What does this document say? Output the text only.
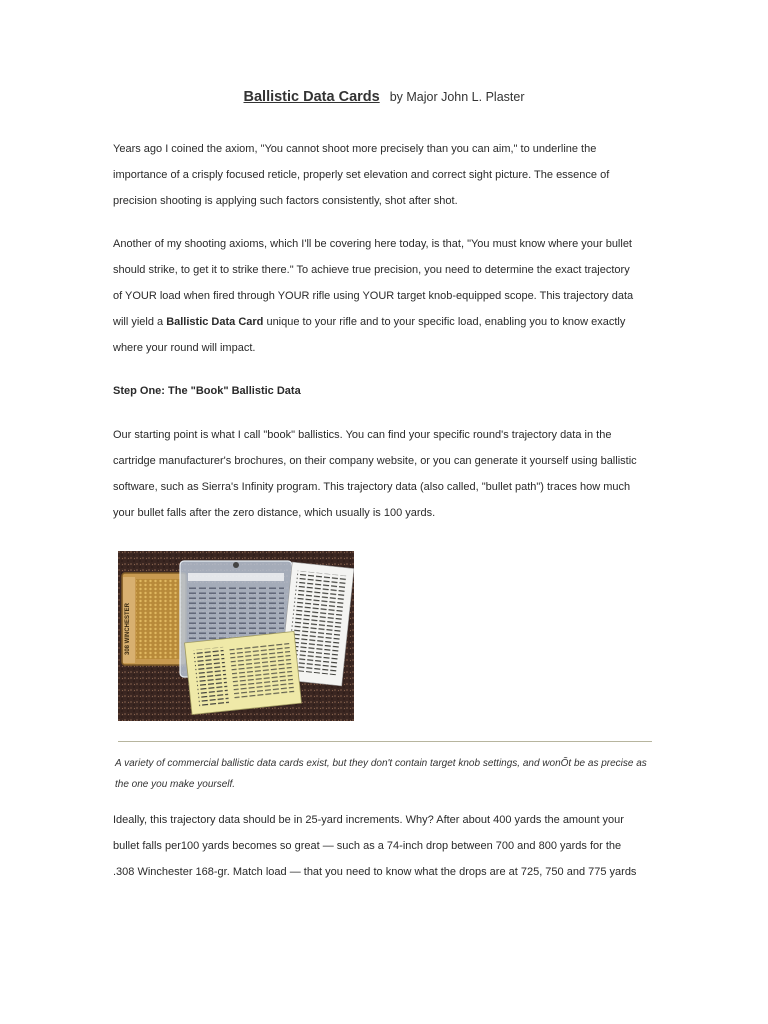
Ballistic Data Cards by Major John L. Plaster

Years ago I coined the axiom, "You cannot shoot more precisely than you can aim," to underline the
importance of a crisply focused reticle, properly set elevation and correct sight picture. The essence of
precision shooting is applying such factors consistently, shot after shot.

Another of my shooting axioms, which I'll be covering here today, is that, "You must know where your bullet
should strike, to get it to strike there." To achieve true precision, you need to determine the exact trajectory
of YOUR load when fired through YOUR rifle using YOUR target knob-equipped scope. This trajectory data
will yield a Ballistic Data Card unique to your rifle and to your specific load, enabling you to know exactly
where your round will impact.

Step One: The "Book" Ballistic Data

Our starting point is what I call "book" ballistics. You can find your specific round's trajectory data in the
cartridge manufacturer's brochures, on their company website, or you can generate it yourself using ballistic
software, such as Sierra's Infinity program. This trajectory data (also called, "bullet path") traces how much
your bullet falls after the zero distance, which usually is 100 yards.

308 WINCHESTER
A variety of commercial ballistic data cards exist, but they don't contain target knob settings, and wonÕt be as precise as
the one you make yourself.

Ideally, this trajectory data should be in 25-yard increments. Why? After about 400 yards the amount your
bullet falls per100 yards becomes so great — such as a 74-inch drop between 700 and 800 yards for the
.308 Winchester 168-gr. Match load — that you need to know what the drops are at 725, 750 and 775 yards
